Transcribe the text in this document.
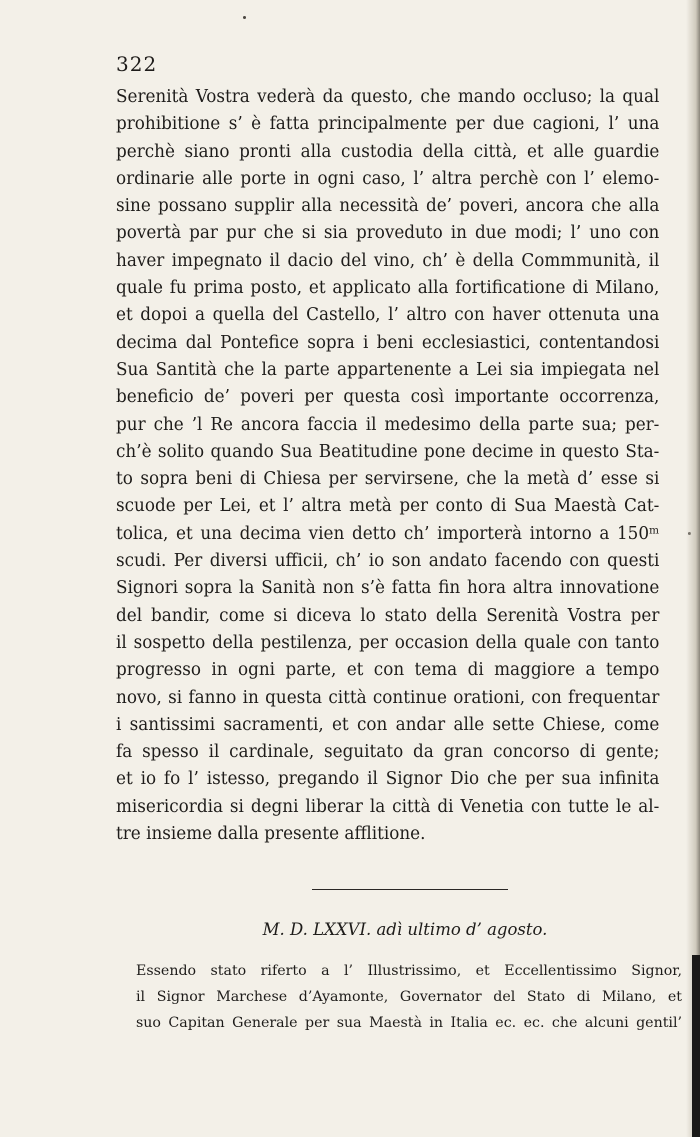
322
Serenità Vostra vederà da questo, che mando occluso; la qual
prohibitione s’ è fatta principalmente per due cagioni, l’ una
perchè siano pronti alla custodia della città, et alle guardie
ordinarie alle porte in ogni caso, l’ altra perchè con l’ elemo-
sine possano supplir alla necessità de’ poveri, ancora che alla
povertà par pur che si sia proveduto in due modi; l’ uno con
haver impegnato il dacio del vino, ch’ è della Commmunità, il
quale fu prima posto, et applicato alla fortificatione di Milano,
et dopoi a quella del Castello, l’ altro con haver ottenuta una
decima dal Pontefice sopra i beni ecclesiastici, contentandosi
Sua Santità che la parte appartenente a Lei sia impiegata nel
beneficio de’ poveri per questa così importante occorrenza,
pur che ’l Re ancora faccia il medesimo della parte sua; per-
ch’è solito quando Sua Beatitudine pone decime in questo Sta-
to sopra beni di Chiesa per servirsene, che la metà d’ esse si
scuode per Lei, et l’ altra metà per conto di Sua Maestà Cat-
tolica, et una decima vien detto ch’ importerà intorno a 150ᵐ
scudi. Per diversi ufficii, ch’ io son andato facendo con questi
Signori sopra la Sanità non s’è fatta fin hora altra innovatione
del bandir, come si diceva lo stato della Serenità Vostra per
il sospetto della pestilenza, per occasion della quale con tanto
progresso in ogni parte, et con tema di maggiore a tempo
novo, si fanno in questa città continue orationi, con frequentar
i santissimi sacramenti, et con andar alle sette Chiese, come
fa spesso il cardinale, seguitato da gran concorso di gente;
et io fo l’ istesso, pregando il Signor Dio che per sua infinita
misericordia si degni liberar la città di Venetia con tutte le al-
tre insieme dalla presente afflitione.
M. D. LXXVI. adì ultimo d’ agosto.
Essendo stato riferto a l’ Illustrissimo, et Eccellentissimo Signor,
il Signor Marchese d’Ayamonte, Governator del Stato di Milano, et
suo Capitan Generale per sua Maestà in Italia ec. ec. che alcuni gentil’
